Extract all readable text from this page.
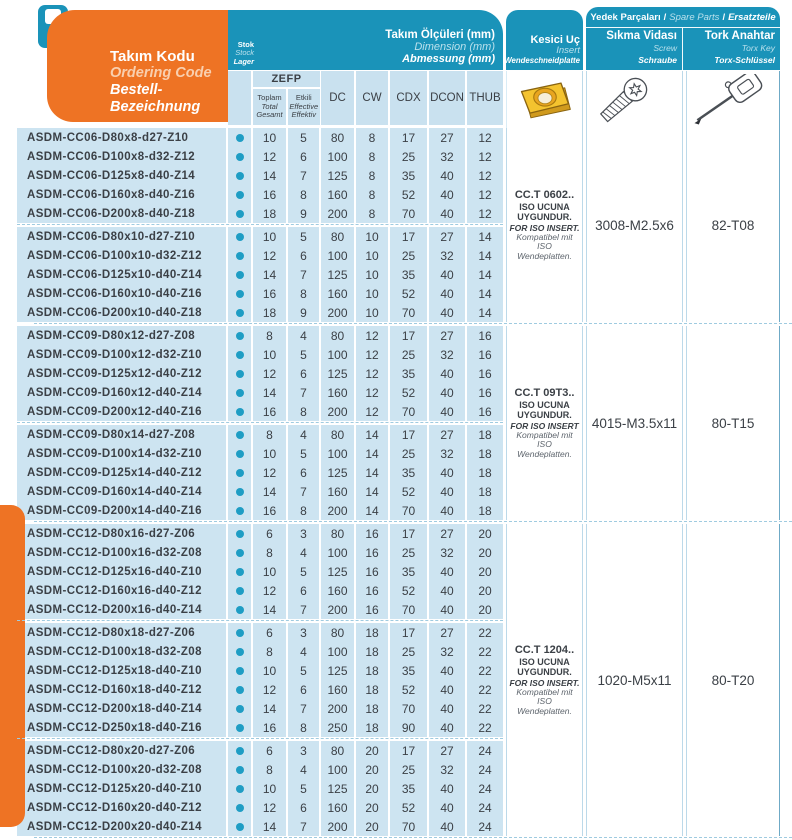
Takım Kodu
Ordering Code
Bestell-Bezeichnung
Stok
Stock
Lager
Takım Ölçüleri (mm)
Dimension (mm)
Abmessung (mm)
Kesici Uç
Insert
Wendeschneidplatte
Yedek Parçaları / Spare Parts / Ersatzteile
Sıkma Vidası
Screw
Schraube
Tork Anahtar
Torx Key
Torx-Schlüssel
ZEFP
Toplam
Total
Gesamt
Etkili
Effective
Effektiv
DC	CW	CDX DCON THUB
ASDM-CC06-D80x8-d27-Z10	10	5	80	8	17	27	12
ASDM-CC06-D100x8-d32-Z12	12	6	100	8	25	32	12
ASDM-CC06-D125x8-d40-Z14	14	7	125	8	35	40	12
ASDM-CC06-D160x8-d40-Z16	16	8	160	8	52	40	12
ASDM-CC06-D200x8-d40-Z18	18	9	200	8	70	40	12
ASDM-CC06-D80x10-d27-Z10	10	5	80	10	17	27	14
ASDM-CC06-D100x10-d32-Z12	12	6	100	10	25	32	14
ASDM-CC06-D125x10-d40-Z14	14	7	125	10	35	40	14
ASDM-CC06-D160x10-d40-Z16	16	8	160	10	52	40	14
ASDM-CC06-D200x10-d40-Z18	18	9	200	10	70	40	14
CC.T 0602..
ISO UCUNA UYGUNDUR.
FOR ISO INSERT.
Kompatibel mit ISO Wendeplatten.
3008-M2.5x6	82-T08
ASDM-CC09-D80x12-d27-Z08	8	4	80	12	17	27	16
ASDM-CC09-D100x12-d32-Z10	10	5	100	12	25	32	16
ASDM-CC09-D125x12-d40-Z12	12	6	125	12	35	40	16
ASDM-CC09-D160x12-d40-Z14	14	7	160	12	52	40	16
ASDM-CC09-D200x12-d40-Z16	16	8	200	12	70	40	16
ASDM-CC09-D80x14-d27-Z08	8	4	80	14	17	27	18
ASDM-CC09-D100x14-d32-Z10	10	5	100	14	25	32	18
ASDM-CC09-D125x14-d40-Z12	12	6	125	14	35	40	18
ASDM-CC09-D160x14-d40-Z14	14	7	160	14	52	40	18
ASDM-CC09-D200x14-d40-Z16	16	8	200	14	70	40	18
CC.T 09T3..
ISO UCUNA UYGUNDUR.
FOR ISO INSERT
Kompatibel mit ISO Wendeplatten.
4015-M3.5x11	80-T15
ASDM-CC12-D80x16-d27-Z06	6	3	80	16	17	27	20
ASDM-CC12-D100x16-d32-Z08	8	4	100	16	25	32	20
ASDM-CC12-D125x16-d40-Z10	10	5	125	16	35	40	20
ASDM-CC12-D160x16-d40-Z12	12	6	160	16	52	40	20
ASDM-CC12-D200x16-d40-Z14	14	7	200	16	70	40	20
ASDM-CC12-D80x18-d27-Z06	6	3	80	18	17	27	22
ASDM-CC12-D100x18-d32-Z08	8	4	100	18	25	32	22
ASDM-CC12-D125x18-d40-Z10	10	5	125	18	35	40	22
ASDM-CC12-D160x18-d40-Z12	12	6	160	18	52	40	22
ASDM-CC12-D200x18-d40-Z14	14	7	200	18	70	40	22
ASDM-CC12-D250x18-d40-Z16	16	8	250	18	90	40	22
ASDM-CC12-D80x20-d27-Z06	6	3	80	20	17	27	24
ASDM-CC12-D100x20-d32-Z08	8	4	100	20	25	32	24
ASDM-CC12-D125x20-d40-Z10	10	5	125	20	35	40	24
ASDM-CC12-D160x20-d40-Z12	12	6	160	20	52	40	24
ASDM-CC12-D200x20-d40-Z14	14	7	200	20	70	40	24
CC.T 1204..
ISO UCUNA UYGUNDUR.
FOR ISO INSERT.
Kompatibel mit ISO Wendeplatten.
1020-M5x11	80-T20
